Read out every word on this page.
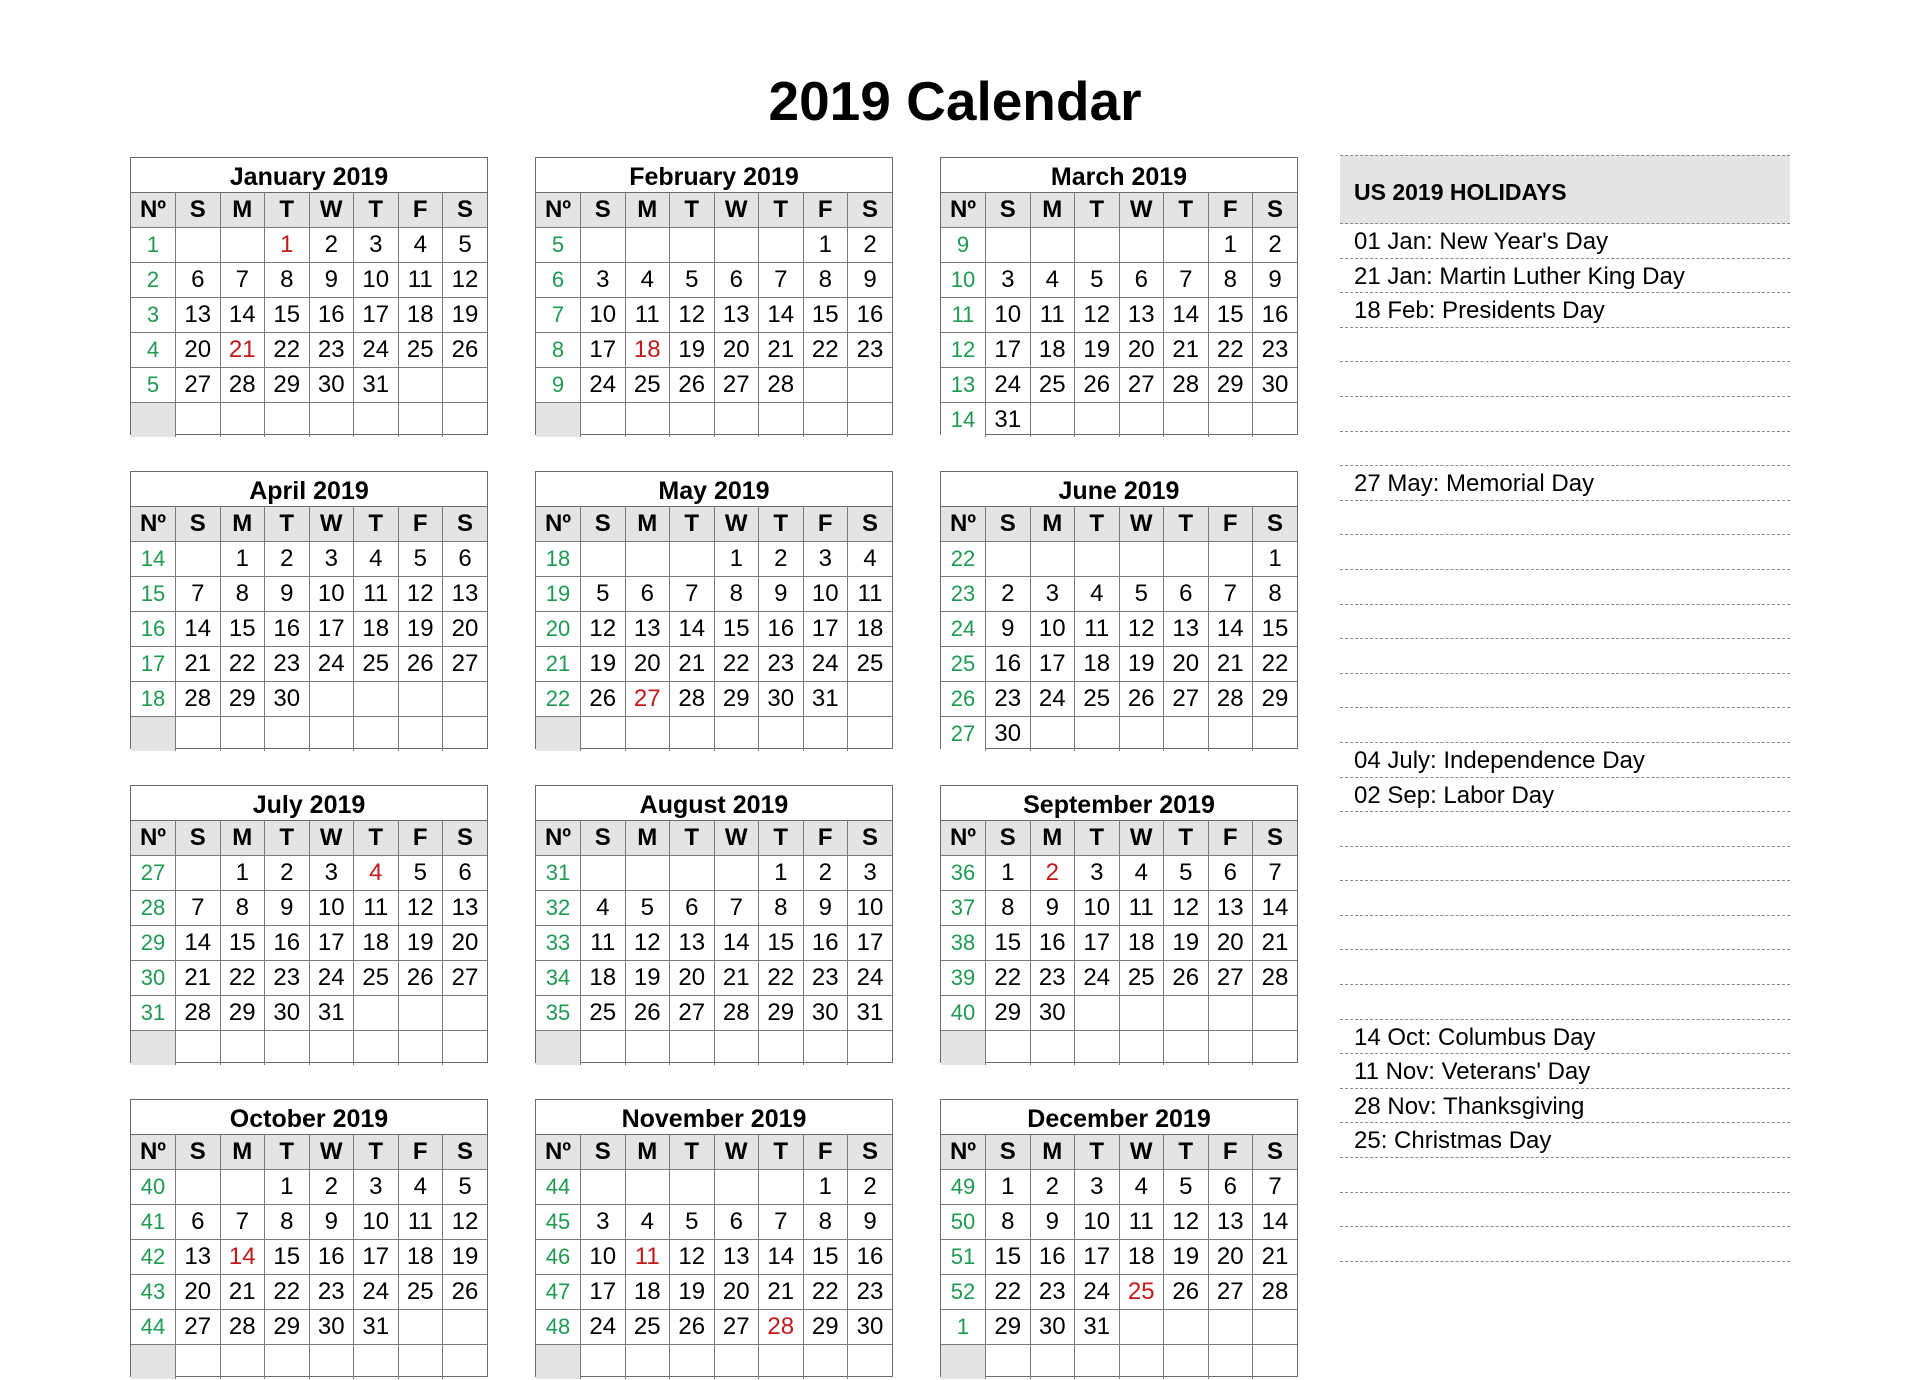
2019 Calendar
January 2019
Nº	S	M	T	W	T	F	S
1			1	2	3	4	5
2	6	7	8	9	10	11	12
3	13	14	15	16	17	18	19
4	20	21	22	23	24	25	26
5	27	28	29	30	31		

February 2019
Nº	S	M	T	W	T	F	S
5						1	2
6	3	4	5	6	7	8	9
7	10	11	12	13	14	15	16
8	17	18	19	20	21	22	23
9	24	25	26	27	28		

March 2019
Nº	S	M	T	W	T	F	S
9						1	2
10	3	4	5	6	7	8	9
11	10	11	12	13	14	15	16
12	17	18	19	20	21	22	23
13	24	25	26	27	28	29	30
14	31						
April 2019
Nº	S	M	T	W	T	F	S
14		1	2	3	4	5	6
15	7	8	9	10	11	12	13
16	14	15	16	17	18	19	20
17	21	22	23	24	25	26	27
18	28	29	30				

May 2019
Nº	S	M	T	W	T	F	S
18				1	2	3	4
19	5	6	7	8	9	10	11
20	12	13	14	15	16	17	18
21	19	20	21	22	23	24	25
22	26	27	28	29	30	31	

June 2019
Nº	S	M	T	W	T	F	S
22							1
23	2	3	4	5	6	7	8
24	9	10	11	12	13	14	15
25	16	17	18	19	20	21	22
26	23	24	25	26	27	28	29
27	30						
July 2019
Nº	S	M	T	W	T	F	S
27		1	2	3	4	5	6
28	7	8	9	10	11	12	13
29	14	15	16	17	18	19	20
30	21	22	23	24	25	26	27
31	28	29	30	31			

August 2019
Nº	S	M	T	W	T	F	S
31					1	2	3
32	4	5	6	7	8	9	10
33	11	12	13	14	15	16	17
34	18	19	20	21	22	23	24
35	25	26	27	28	29	30	31

September 2019
Nº	S	M	T	W	T	F	S
36	1	2	3	4	5	6	7
37	8	9	10	11	12	13	14
38	15	16	17	18	19	20	21
39	22	23	24	25	26	27	28
40	29	30					

October 2019
Nº	S	M	T	W	T	F	S
40			1	2	3	4	5
41	6	7	8	9	10	11	12
42	13	14	15	16	17	18	19
43	20	21	22	23	24	25	26
44	27	28	29	30	31		

November 2019
Nº	S	M	T	W	T	F	S
44						1	2
45	3	4	5	6	7	8	9
46	10	11	12	13	14	15	16
47	17	18	19	20	21	22	23
48	24	25	26	27	28	29	30

December 2019
Nº	S	M	T	W	T	F	S
49	1	2	3	4	5	6	7
50	8	9	10	11	12	13	14
51	15	16	17	18	19	20	21
52	22	23	24	25	26	27	28
1	29	30	31				

US 2019 HOLIDAYS
01 Jan: New Year's Day
21 Jan: Martin Luther King Day
18 Feb: Presidents Day
27 May: Memorial Day
04 July: Independence Day
02 Sep: Labor Day
14 Oct: Columbus Day
11 Nov: Veterans' Day
28 Nov: Thanksgiving
25: Christmas Day
